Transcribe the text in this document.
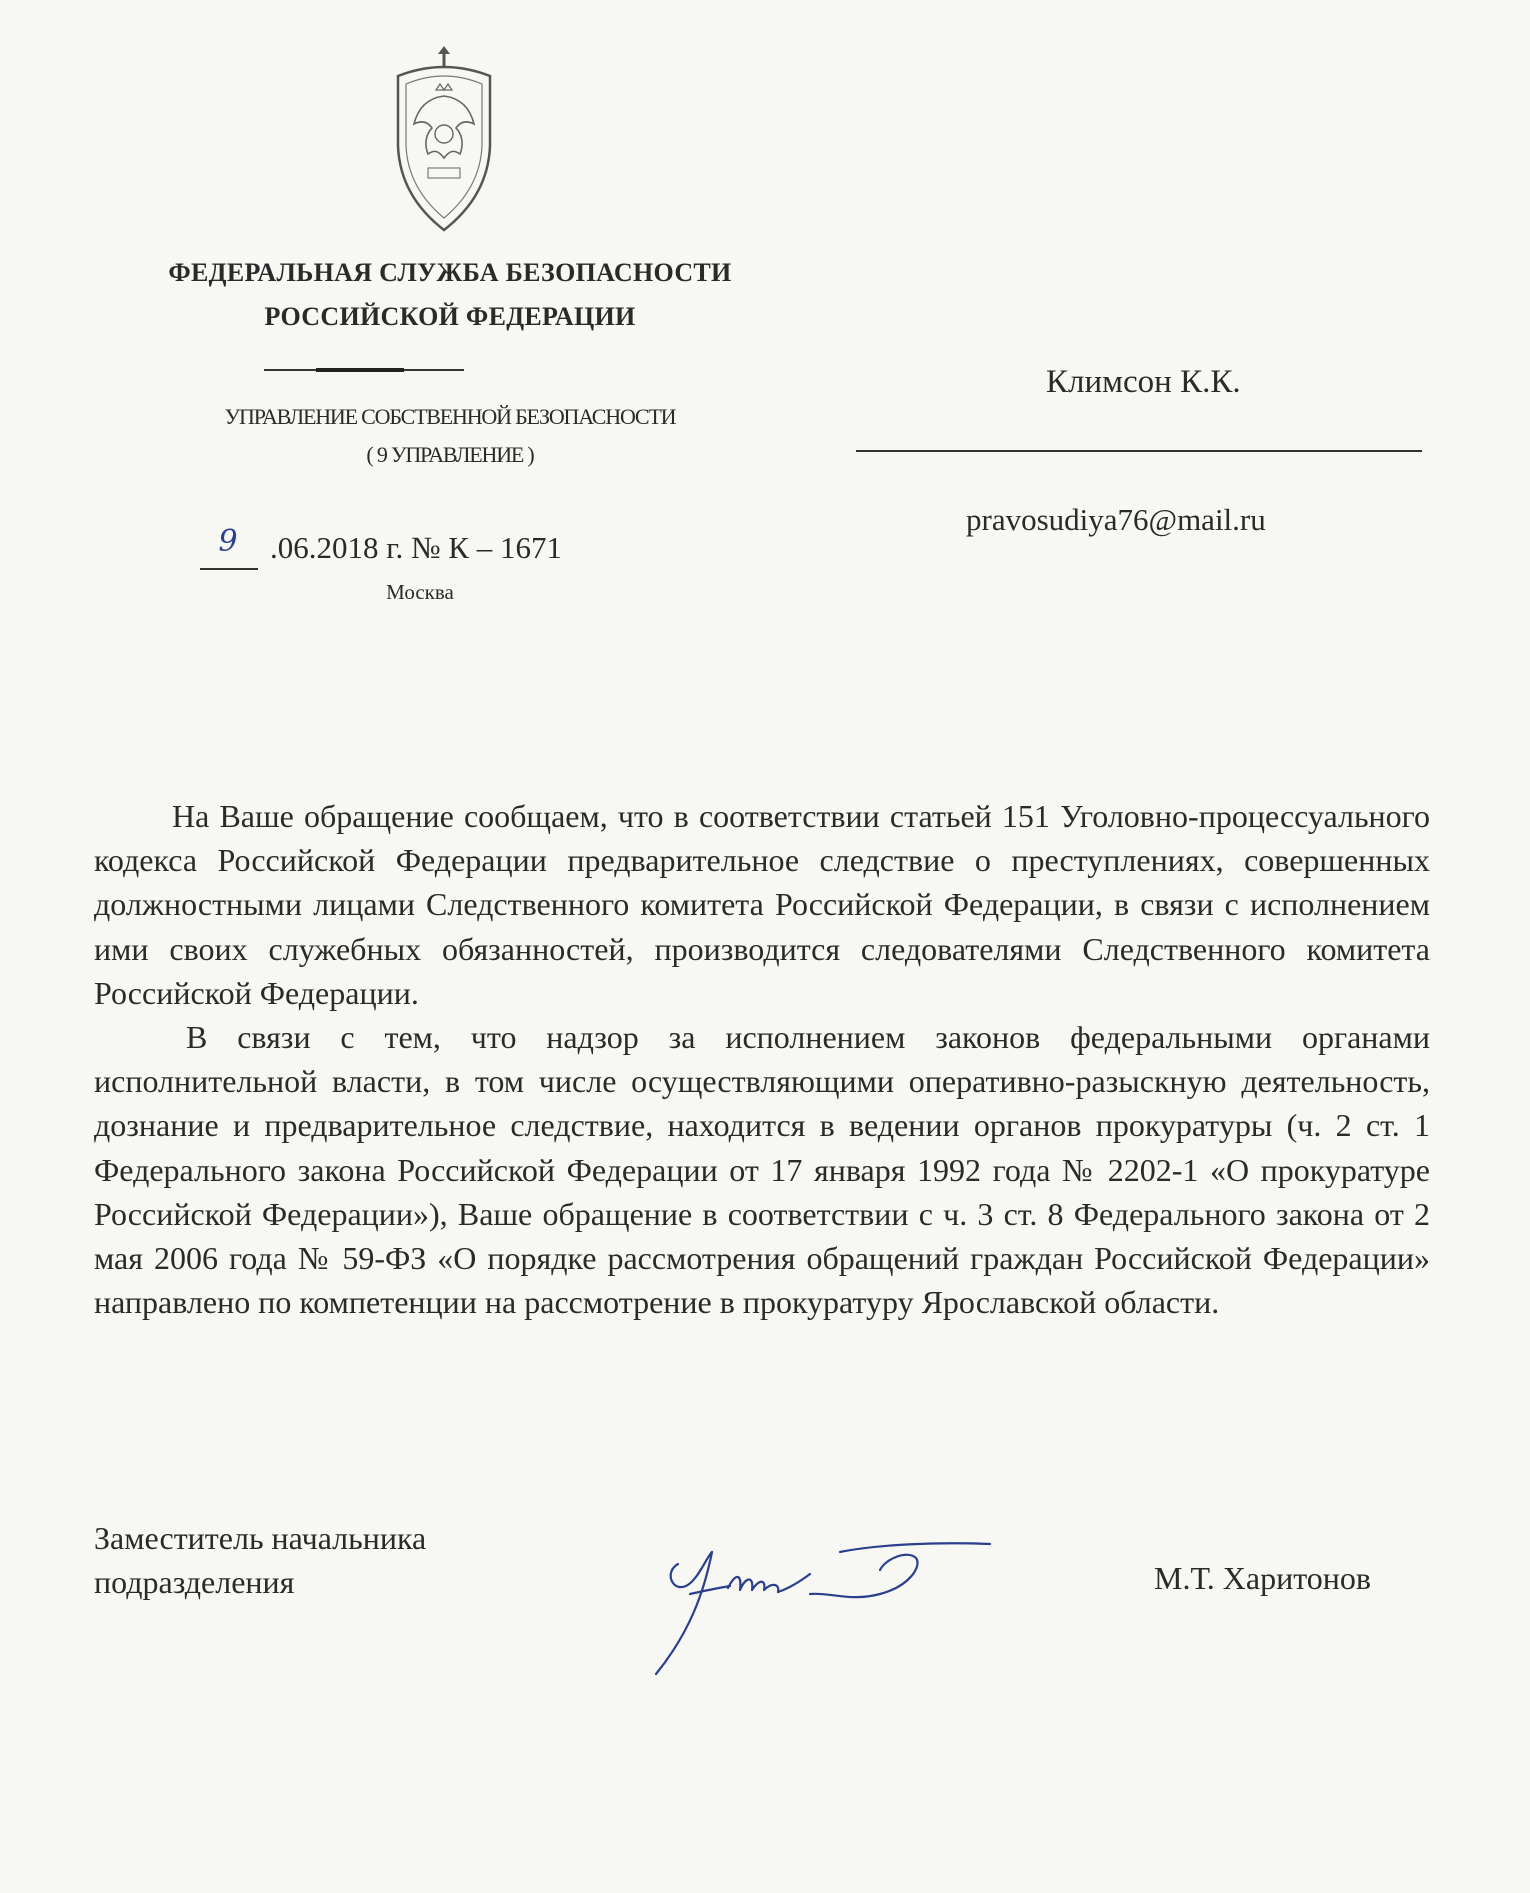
ФЕДЕРАЛЬНАЯ СЛУЖБА БЕЗОПАСНОСТИ
РОССИЙСКОЙ ФЕДЕРАЦИИ
УПРАВЛЕНИЕ СОБСТВЕННОЙ БЕЗОПАСНОСТИ
( 9 УПРАВЛЕНИЕ )
9	.06.2018 г. № К – 1671
Москва
Климсон К.К.
pravosudiya76@mail.ru

На Ваше обращение сообщаем, что в соответствии статьей 151 Уголовно-процессуального кодекса Российской Федерации предварительное следствие о преступлениях, совершенных должностными лицами Следственного комитета Российской Федерации, в связи с исполнением ими своих служебных обязанностей, производится следователями Следственного комитета Российской Федерации.

В связи с тем, что надзор за исполнением законов федеральными органами исполнительной власти, в том числе осуществляющими оперативно-разыскную деятельность, дознание и предварительное следствие, находится в ведении органов прокуратуры (ч. 2 ст. 1 Федерального закона Российской Федерации от 17 января 1992 года № 2202-1 «О прокуратуре Российской Федерации»), Ваше обращение в соответствии с ч. 3 ст. 8 Федерального закона от 2 мая 2006 года № 59-ФЗ «О порядке рассмотрения обращений граждан Российской Федерации» направлено по компетенции на рассмотрение в прокуратуру Ярославской области.

Заместитель начальника
подразделения	М.Т. Харитонов
